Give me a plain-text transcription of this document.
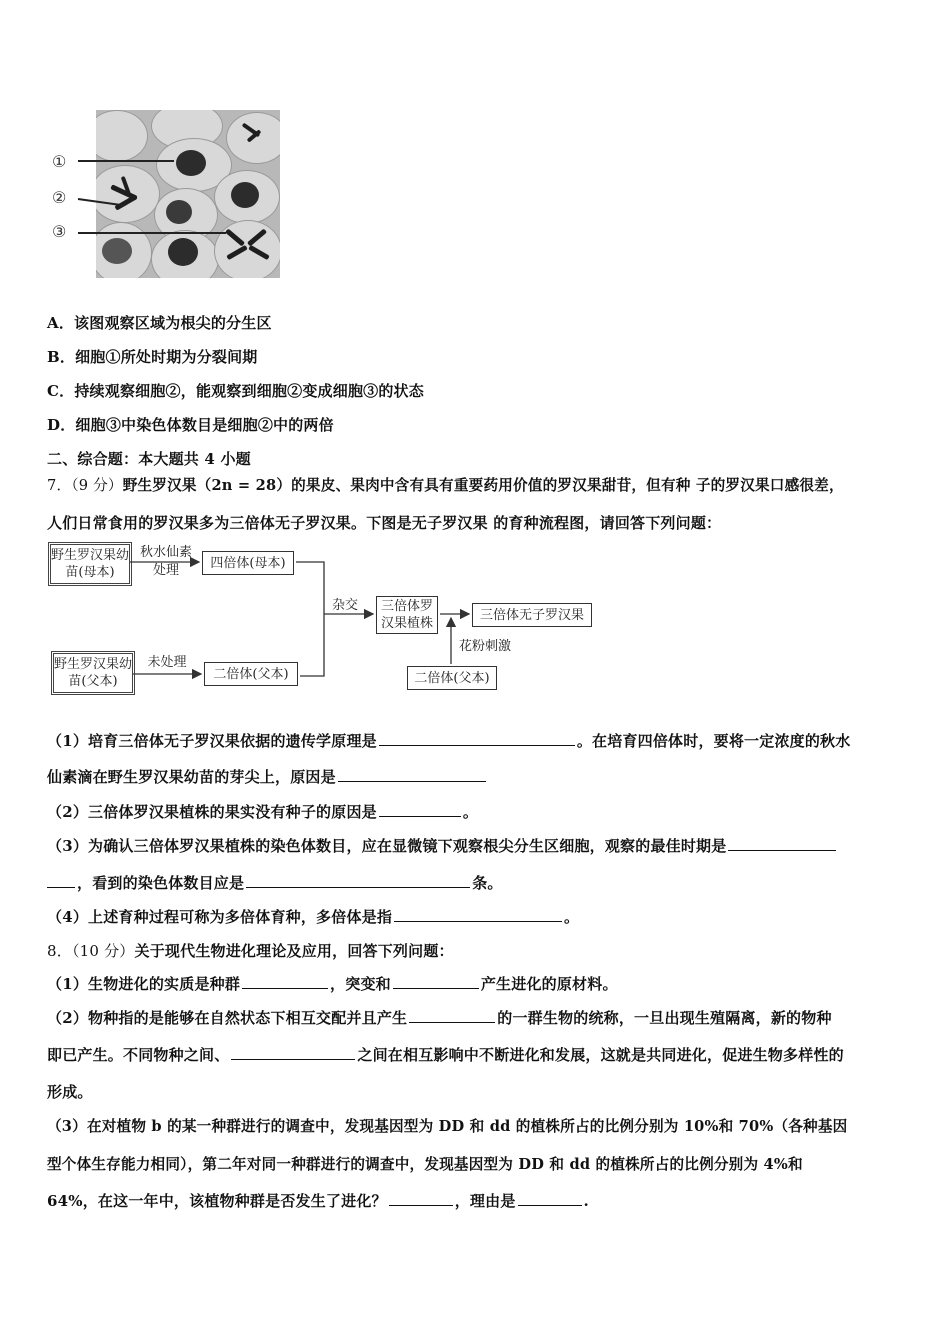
①
②
③
A．该图观察区域为根尖的分生区
B．细胞①所处时期为分裂间期
C．持续观察细胞②，能观察到细胞②变成细胞③的状态
D．细胞③中染色体数目是细胞②中的两倍
二、综合题：本大题共 4 小题
7．（9 分）野生罗汉果（2n = 28）的果皮、果肉中含有具有重要药用价值的罗汉果甜苷，但有种 子的罗汉果口感很差，
人们日常食用的罗汉果多为三倍体无子罗汉果。下图是无子罗汉果 的育种流程图，请回答下列问题：
野生罗汉果幼苗(母本)
秋水仙素处理	四倍体(母本)
野生罗汉果幼苗(父本)
未处理
二倍体(父本)
杂交	三倍体罗汉果植株
三倍体无子罗汉果
花粉刺激
二倍体(父本)
（1）培育三倍体无子罗汉果依据的遗传学原理是	。在培育四倍体时，要将一定浓度的秋水
仙素滴在野生罗汉果幼苗的芽尖上，原因是
（2）三倍体罗汉果植株的果实没有种子的原因是	。
（3）为确认三倍体罗汉果植株的染色体数目，应在显微镜下观察根尖分生区细胞，观察的最佳时期是
，看到的染色体数目应是	条。
（4）上述育种过程可称为多倍体育种，多倍体是指	。
8．（10 分）关于现代生物进化理论及应用，回答下列问题：
（1）生物进化的实质是种群	，突变和	产生进化的原材料。
（2）物种指的是能够在自然状态下相互交配并且产生	的一群生物的统称，一旦出现生殖隔离，新的物种
即已产生。不同物种之间、	之间在相互影响中不断进化和发展，这就是共同进化，促进生物多样性的
形成。
（3）在对植物 b 的某一种群进行的调查中，发现基因型为 DD 和 dd 的植株所占的比例分别为 10%和 70%（各种基因
型个体生存能力相同），第二年对同一种群进行的调查中，发现基因型为 DD 和 dd 的植株所占的比例分别为 4%和
64%，在这一年中，该植物种群是否发生了进化？	，理由是	.
